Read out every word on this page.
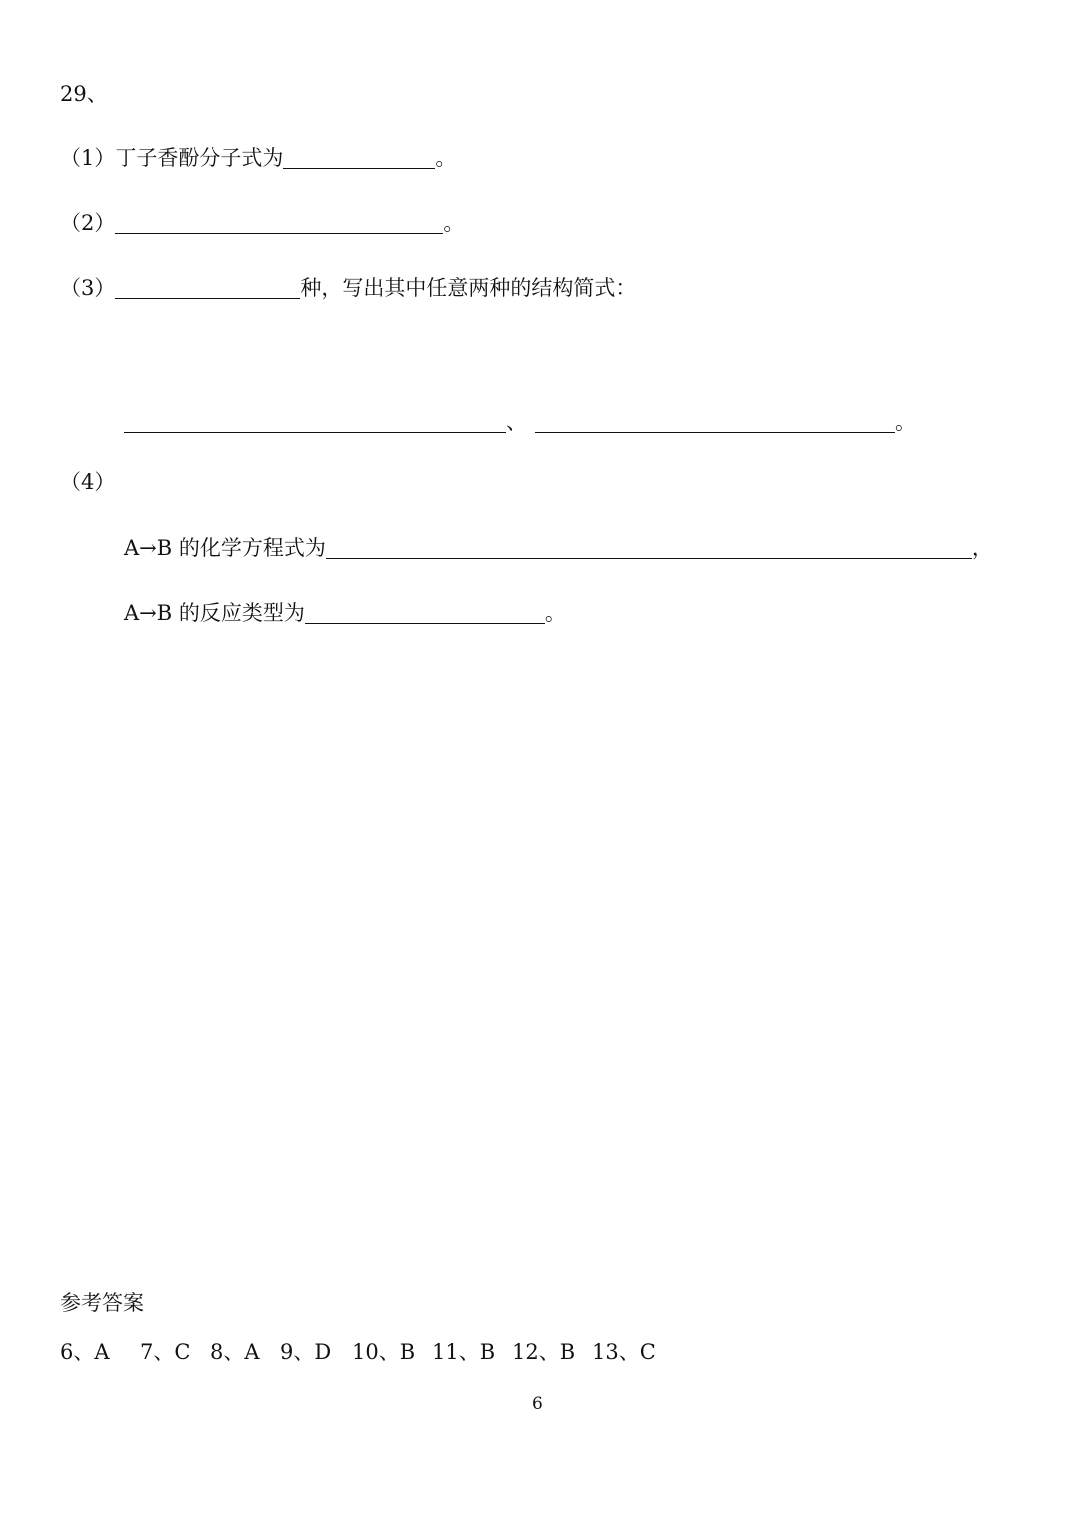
29、
（1）丁子香酚分子式为	。
（2）	。
（3）	种，写出其中任意两种的结构简式：
、	。
（4）
A→B 的化学方程式为	，
A→B 的反应类型为	。
参考答案
6、A 7、C 8、A 9、D 10、B 11、B 12、B 13、C
6
